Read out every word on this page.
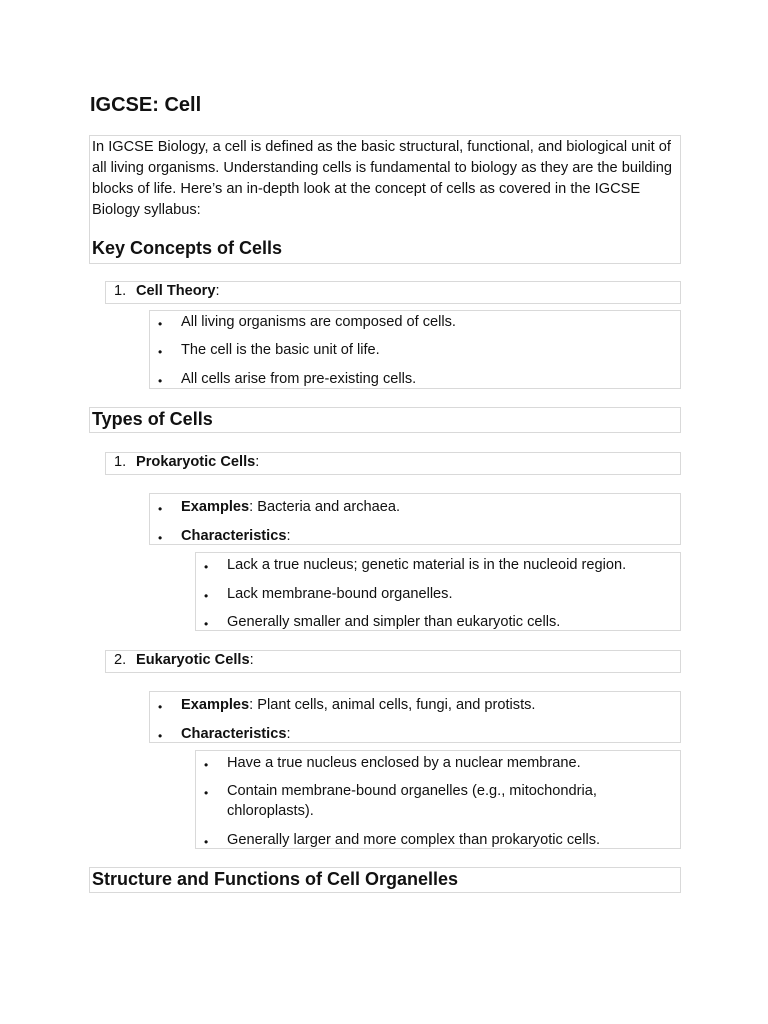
IGCSE: Cell

In IGCSE Biology, a cell is defined as the basic structural, functional, and biological unit of all living organisms. Understanding cells is fundamental to biology as they are the building blocks of life. Here’s an in-depth look at the concept of cells as covered in the IGCSE Biology syllabus:

Key Concepts of Cells
1. Cell Theory:
• All living organisms are composed of cells.
• The cell is the basic unit of life.
• All cells arise from pre-existing cells.
Types of Cells
1. Prokaryotic Cells:
• Examples: Bacteria and archaea.
• Characteristics:
• Lack a true nucleus; genetic material is in the nucleoid region.
• Lack membrane-bound organelles.
• Generally smaller and simpler than eukaryotic cells.
2. Eukaryotic Cells:
• Examples: Plant cells, animal cells, fungi, and protists.
• Characteristics:
• Have a true nucleus enclosed by a nuclear membrane.
• Contain membrane-bound organelles (e.g., mitochondria, chloroplasts).
• Generally larger and more complex than prokaryotic cells.
Structure and Functions of Cell Organelles
